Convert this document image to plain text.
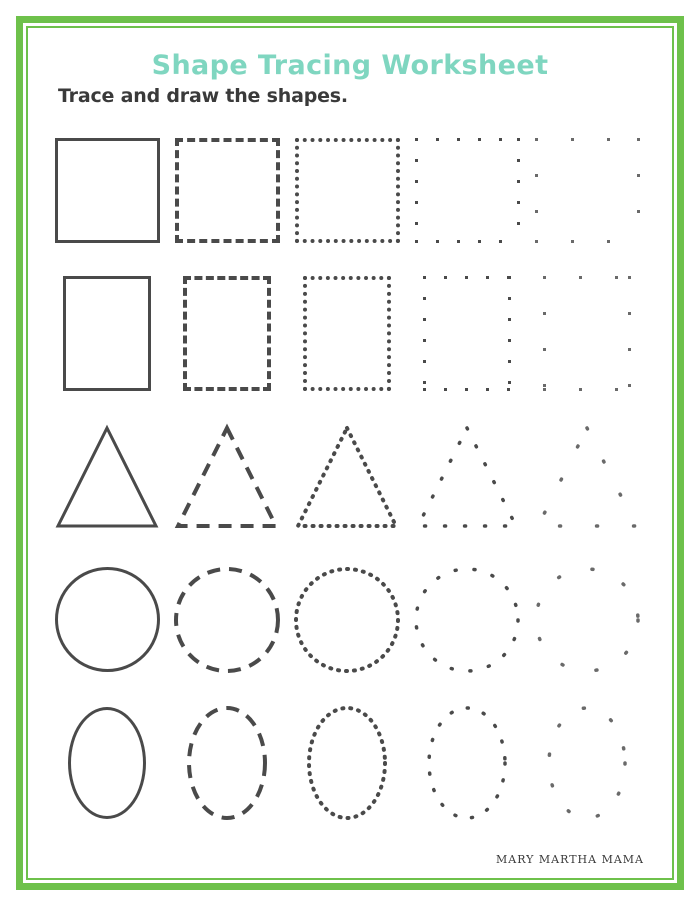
Shape Tracing Worksheet
Trace and draw the shapes.
MARY MARTHA MAMA
